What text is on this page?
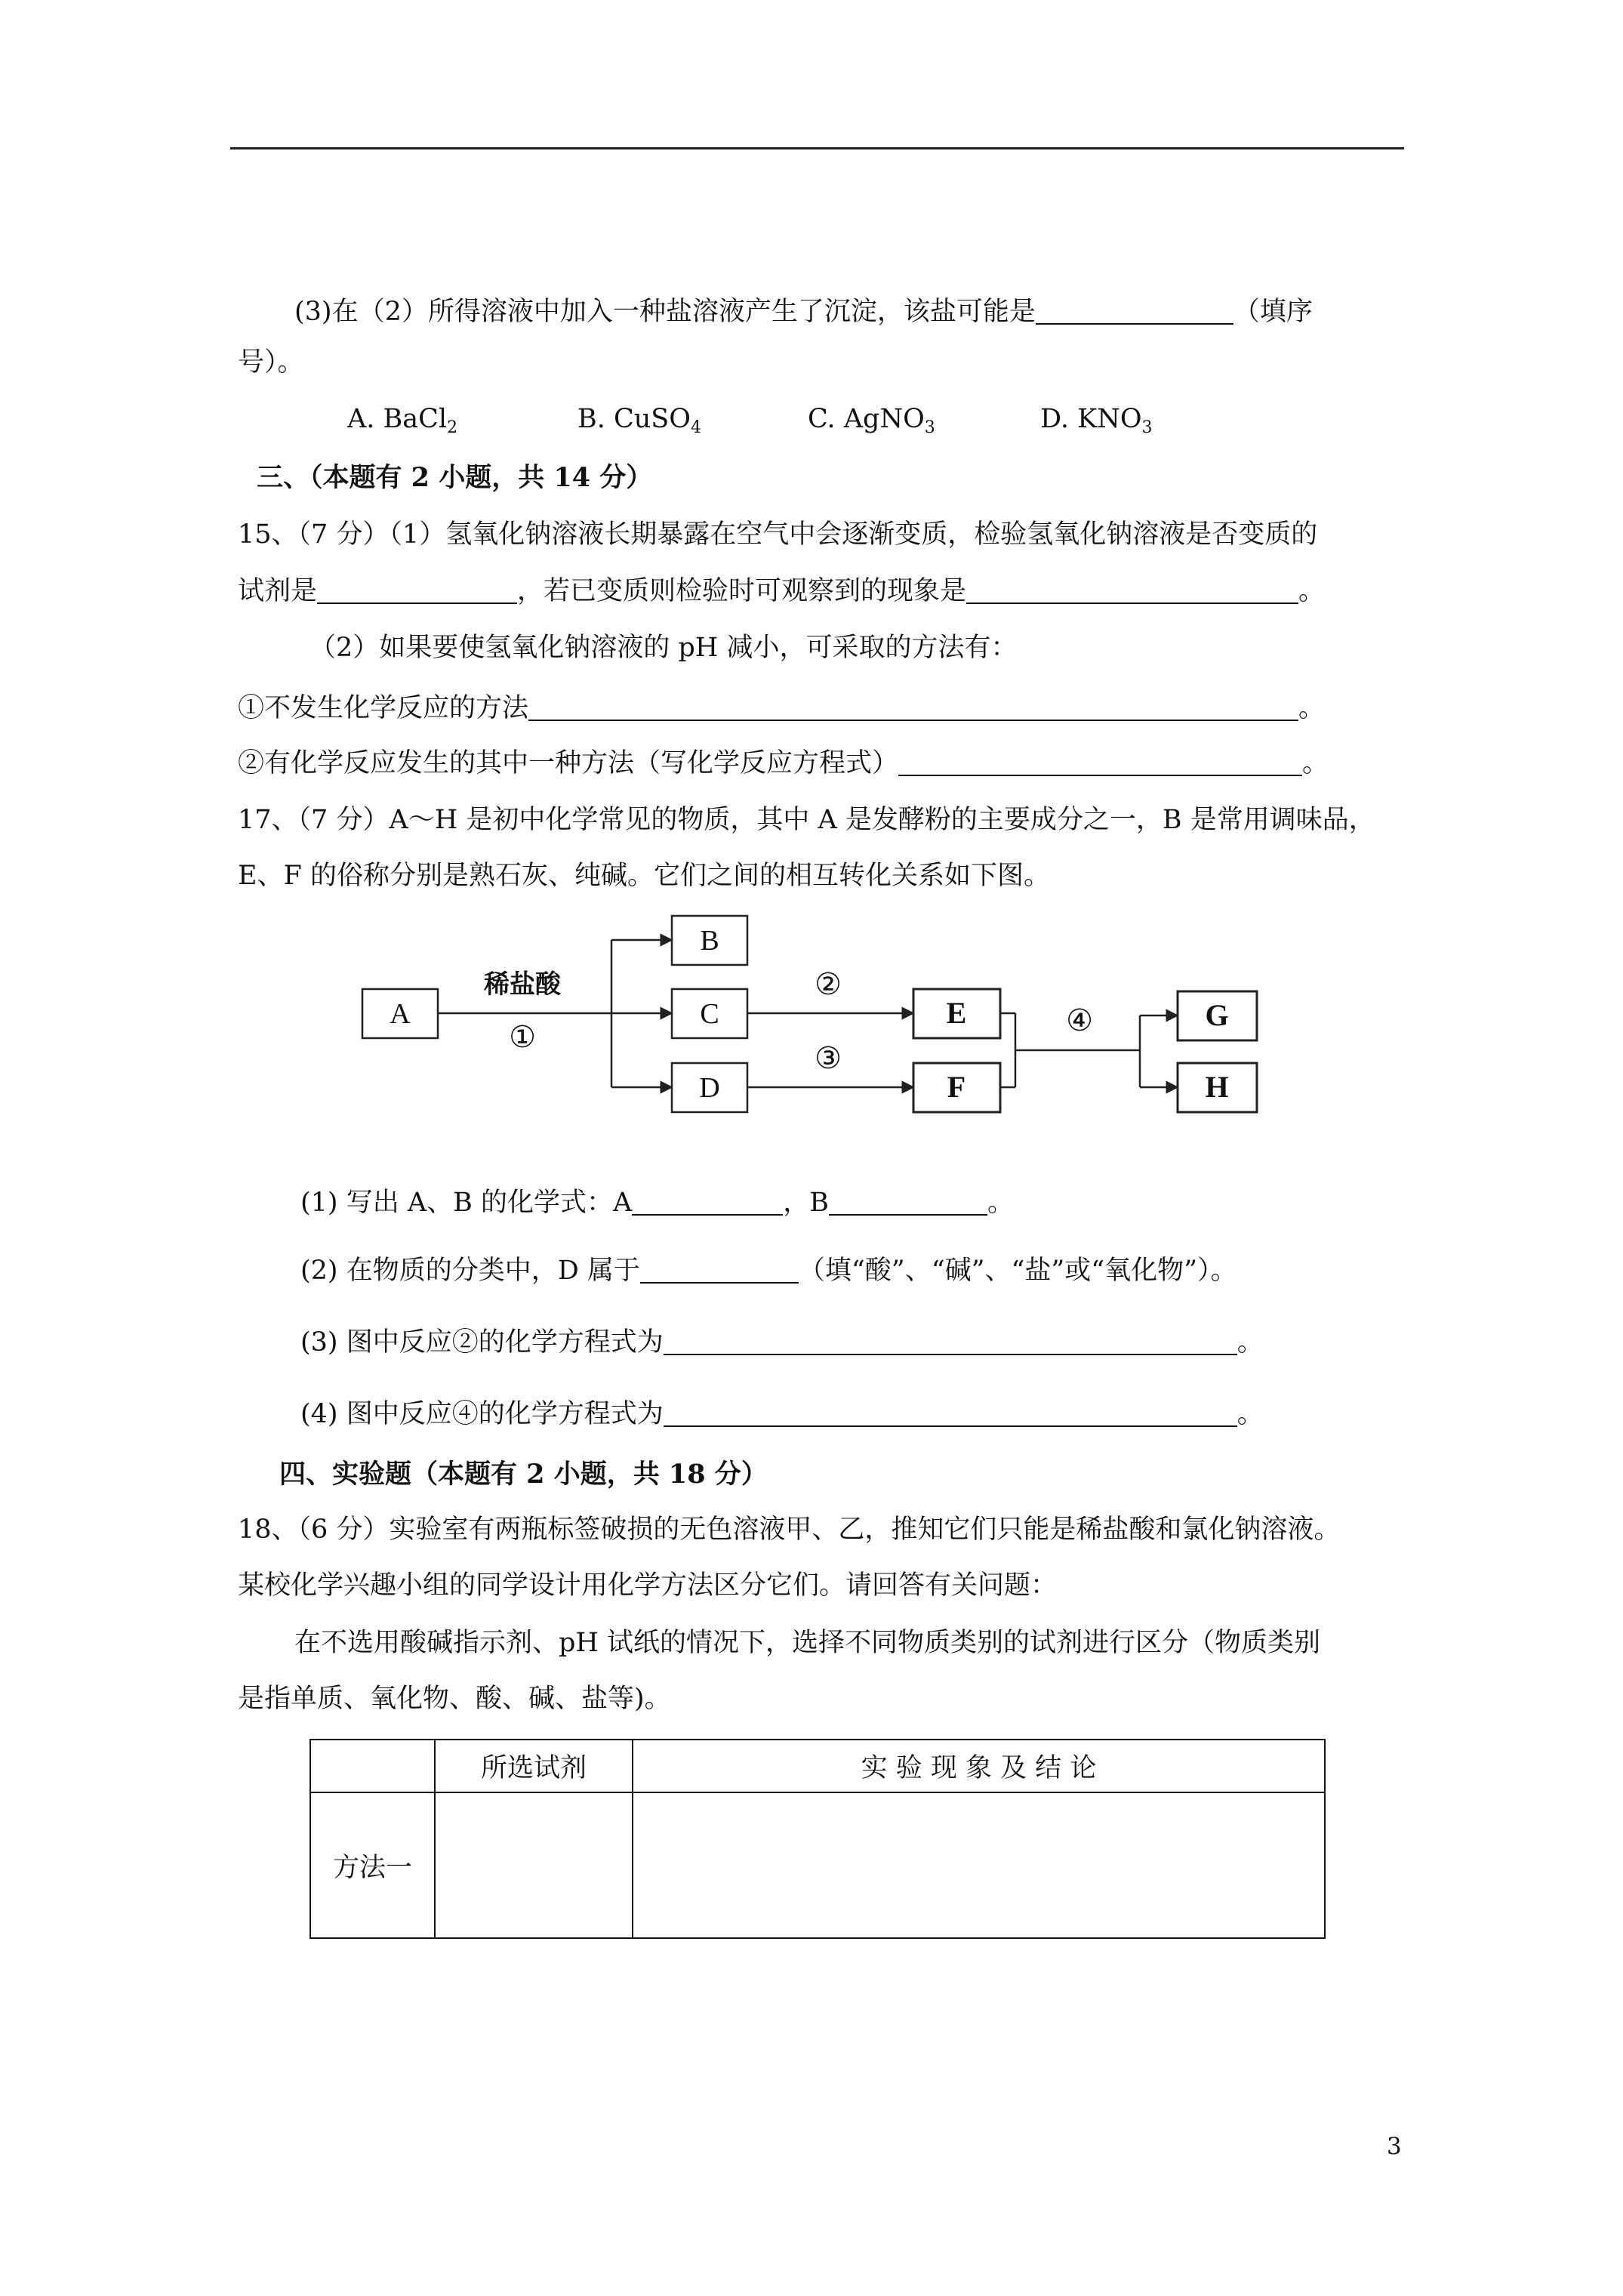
(3)在（2）所得溶液中加入一种盐溶液产生了沉淀，该盐可能是	（填序
号）。
A. BaCl$_2$	B. CuSO$_4$	C. AgNO$_3$	D. $KNO_3$
三、（本题有 2 小题，共 14 分）
15、（7 分）（1）氢氧化钠溶液长期暴露在空气中会逐渐变质，检验氢氧化钠溶液是否变质的
试剂是	，若已变质则检验时可观察到的现象是	。
（2）如果要使氢氧化钠溶液的 pH 减小，可采取的方法有：
①不发生化学反应的方法	。
②有化学反应发生的其中一种方法（写化学反应方程式）	。
17、（7 分）A～H 是初中化学常见的物质，其中 A 是发酵粉的主要成分之一，B 是常用调味品，
E、F 的俗称分别是熟石灰、纯碱。它们之间的相互转化关系如下图。
A
B
C
D
E
F
G
H
稀盐酸
①
②
③
④
(1) 写出 A、B 的化学式：A	，B	。
(2) 在物质的分类中，D 属于	（填“酸”、“碱”、“盐”或“氧化物”）。
(3) 图中反应②的化学方程式为	。
(4) 图中反应④的化学方程式为	。
四、实验题（本题有 2 小题，共 18 分）
18、（6 分）实验室有两瓶标签破损的无色溶液甲、乙，推知它们只能是稀盐酸和氯化钠溶液。
某校化学兴趣小组的同学设计用化学方法区分它们。请回答有关问题：
在不选用酸碱指示剂、pH 试纸的情况下，选择不同物质类别的试剂进行区分（物质类别
是指单质、氧化物、酸、碱、盐等)。
	所选试剂	实 验 现 象 及 结 论
方法一		
3
